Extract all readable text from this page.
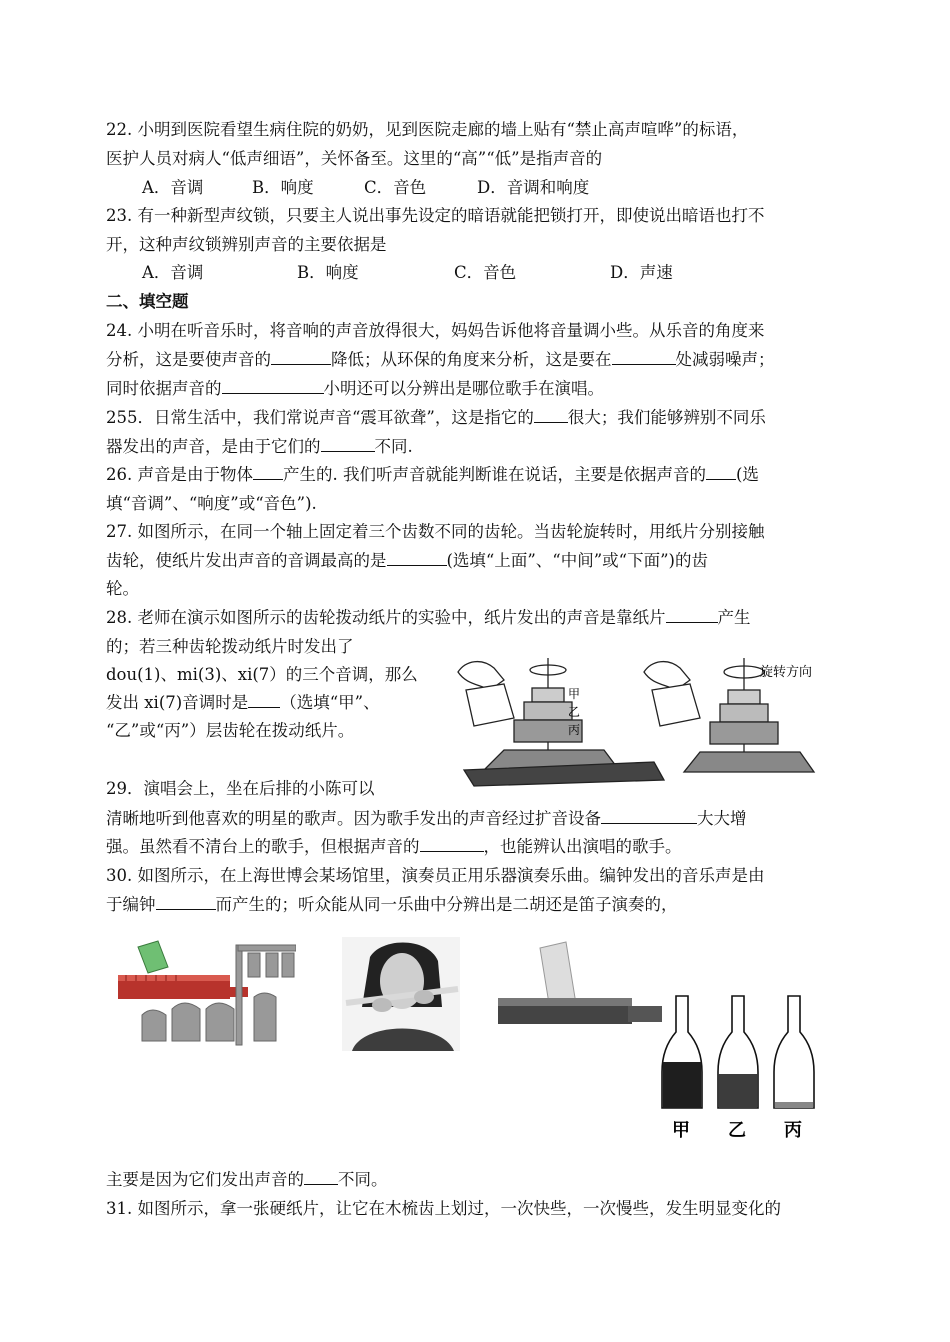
22. 小明到医院看望生病住院的奶奶，见到医院走廊的墙上贴有“禁止高声喧哗”的标语，
医护人员对病人“低声细语”，关怀备至。这里的“高”“低”是指声音的
A．音调	B．响度	C．音色	D．音调和响度
23. 有一种新型声纹锁，只要主人说出事先设定的暗语就能把锁打开，即使说出暗语也打不
开，这种声纹锁辨别声音的主要依据是
A．音调	B．响度	C．音色	D．声速
二、填空题
24. 小明在听音乐时，将音响的声音放得很大，妈妈告诉他将音量调小些。从乐音的角度来
分析，这是要使声音的	降低；从环保的角度来分析，这是要在	处减弱噪声；
同时依据声音的	小明还可以分辨出是哪位歌手在演唱。
255．日常生活中，我们常说声音“震耳欲聋”，这是指它的 很大；我们能够辨别不同乐
器发出的声音，是由于它们的	不同.
26. 声音是由于物体 产生的. 我们听声音就能判断谁在说话，主要是依据声音的 (选
填“音调”、“响度”或“音色”).
27. 如图所示，在同一个轴上固定着三个齿数不同的齿轮。当齿轮旋转时，用纸片分别接触
齿轮，使纸片发出声音的音调最高的是	(选填“上面”、“中间”或“下面”)的齿
轮。
28. 老师在演示如图所示的齿轮拨动纸片的实验中，纸片发出的声音是靠纸片	产生
的；若三种齿轮拨动纸片时发出了
dou(1)、mi(3)、xi(7）的三个音调，那么
发出 xi(7)音调时是 （选填“甲”、
“乙”或“丙”）层齿轮在拨动纸片。
甲
乙
丙
旋转方向
29．演唱会上，坐在后排的小陈可以
清晰地听到他喜欢的明星的歌声。因为歌手发出的声音经过扩音设备	大大增
强。虽然看不清台上的歌手，但根据声音的	，也能辨认出演唱的歌手。
30. 如图所示，在上海世博会某场馆里，演奏员正用乐器演奏乐曲。编钟发出的音乐声是由
于编钟	而产生的；听众能从同一乐曲中分辨出是二胡还是笛子演奏的，
甲 乙 丙
主要是因为它们发出声音的 不同。
31. 如图所示，拿一张硬纸片，让它在木梳齿上划过，一次快些，一次慢些，发生明显变化的
